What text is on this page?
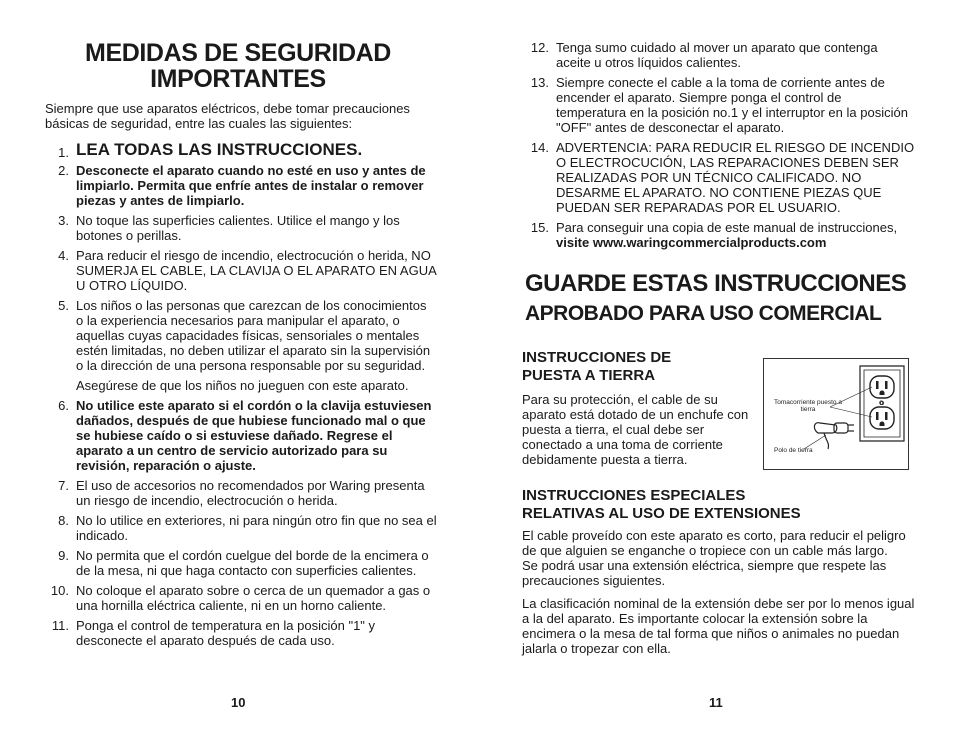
MEDIDAS DE SEGURIDAD
IMPORTANTES
Siempre que use aparatos eléctricos, debe tomar precauciones básicas de seguridad, entre las cuales las siguientes:
1. LEA TODAS LAS INSTRUCCIONES.

2. Desconecte el aparato cuando no esté en uso y antes de limpiarlo. Permita que enfríe antes de instalar o remover piezas y antes de limpiarlo.

3. No toque las superficies calientes. Utilice el mango y los botones o perillas.

4. Para reducir el riesgo de incendio, electrocución o herida, NO SUMERJA EL CABLE, LA CLAVIJA O EL APARATO EN AGUA U OTRO LÍQUIDO.

5. Los niños o las personas que carezcan de los conocimientos o la experiencia necesarios para manipular el aparato, o aquellas cuyas capacidades físicas, sensoriales o mentales estén limitadas, no deben utilizar el aparato sin la supervisión o la dirección de una persona responsable por su seguridad.

Asegúrese de que los niños no jueguen con este aparato.

6. No utilice este aparato si el cordón o la clavija estuviesen dañados, después de que hubiese funcionado mal o que se hubiese caído o si estuviese dañado. Regrese el aparato a un centro de servicio autorizado para su revisión, reparación o ajuste.

7. El uso de accesorios no recomendados por Waring presenta un riesgo de incendio, electrocución o herida.

8. No lo utilice en exteriores, ni para ningún otro fin que no sea el indicado.

9. No permita que el cordón cuelgue del borde de la encimera o de la mesa, ni que haga contacto con superficies calientes.

10. No coloque el aparato sobre o cerca de un quemador a gas o una hornilla eléctrica caliente, ni en un horno caliente.

11. Ponga el control de temperatura en la posición "1" y desconecte el aparato después de cada uso.

10
12. Tenga sumo cuidado al mover un aparato que contenga aceite u otros líquidos calientes.

13. Siempre conecte el cable a la toma de corriente antes de encender el aparato. Siempre ponga el control de temperatura en la posición no.1 y el interruptor en la posición "OFF" antes de desconectar el aparato.

14. ADVERTENCIA: PARA REDUCIR EL RIESGO DE INCENDIO O ELECTROCUCIÓN, LAS REPARACIONES DEBEN SER REALIZADAS POR UN TÉCNICO CALIFICADO. NO DESARME EL APARATO. NO CONTIENE PIEZAS QUE PUEDAN SER REPARADAS POR EL USUARIO.

15. Para conseguir una copia de este manual de instrucciones,
visite www.waringcommercialproducts.com

GUARDE ESTAS INSTRUCCIONES
APROBADO PARA USO COMERCIAL
INSTRUCCIONES DE
PUESTA A TIERRA
Para su protección, el cable de su aparato está dotado de un enchufe con puesta a tierra, el cual debe ser conectado a una toma de corriente debidamente puesta a tierra.
Tomacorriente puesto a tierra
o
Polo de tierra
INSTRUCCIONES ESPECIALES
RELATIVAS AL USO DE EXTENSIONES
El cable proveído con este aparato es corto, para reducir el peligro de que alguien se enganche o tropiece con un cable más largo. Se podrá usar una extensión eléctrica, siempre que respete las precauciones siguientes.
La clasificación nominal de la extensión debe ser por lo menos igual a la del aparato. Es importante colocar la extensión sobre la encimera o la mesa de tal forma que niños o animales no puedan jalarla o tropezar con ella.
11
